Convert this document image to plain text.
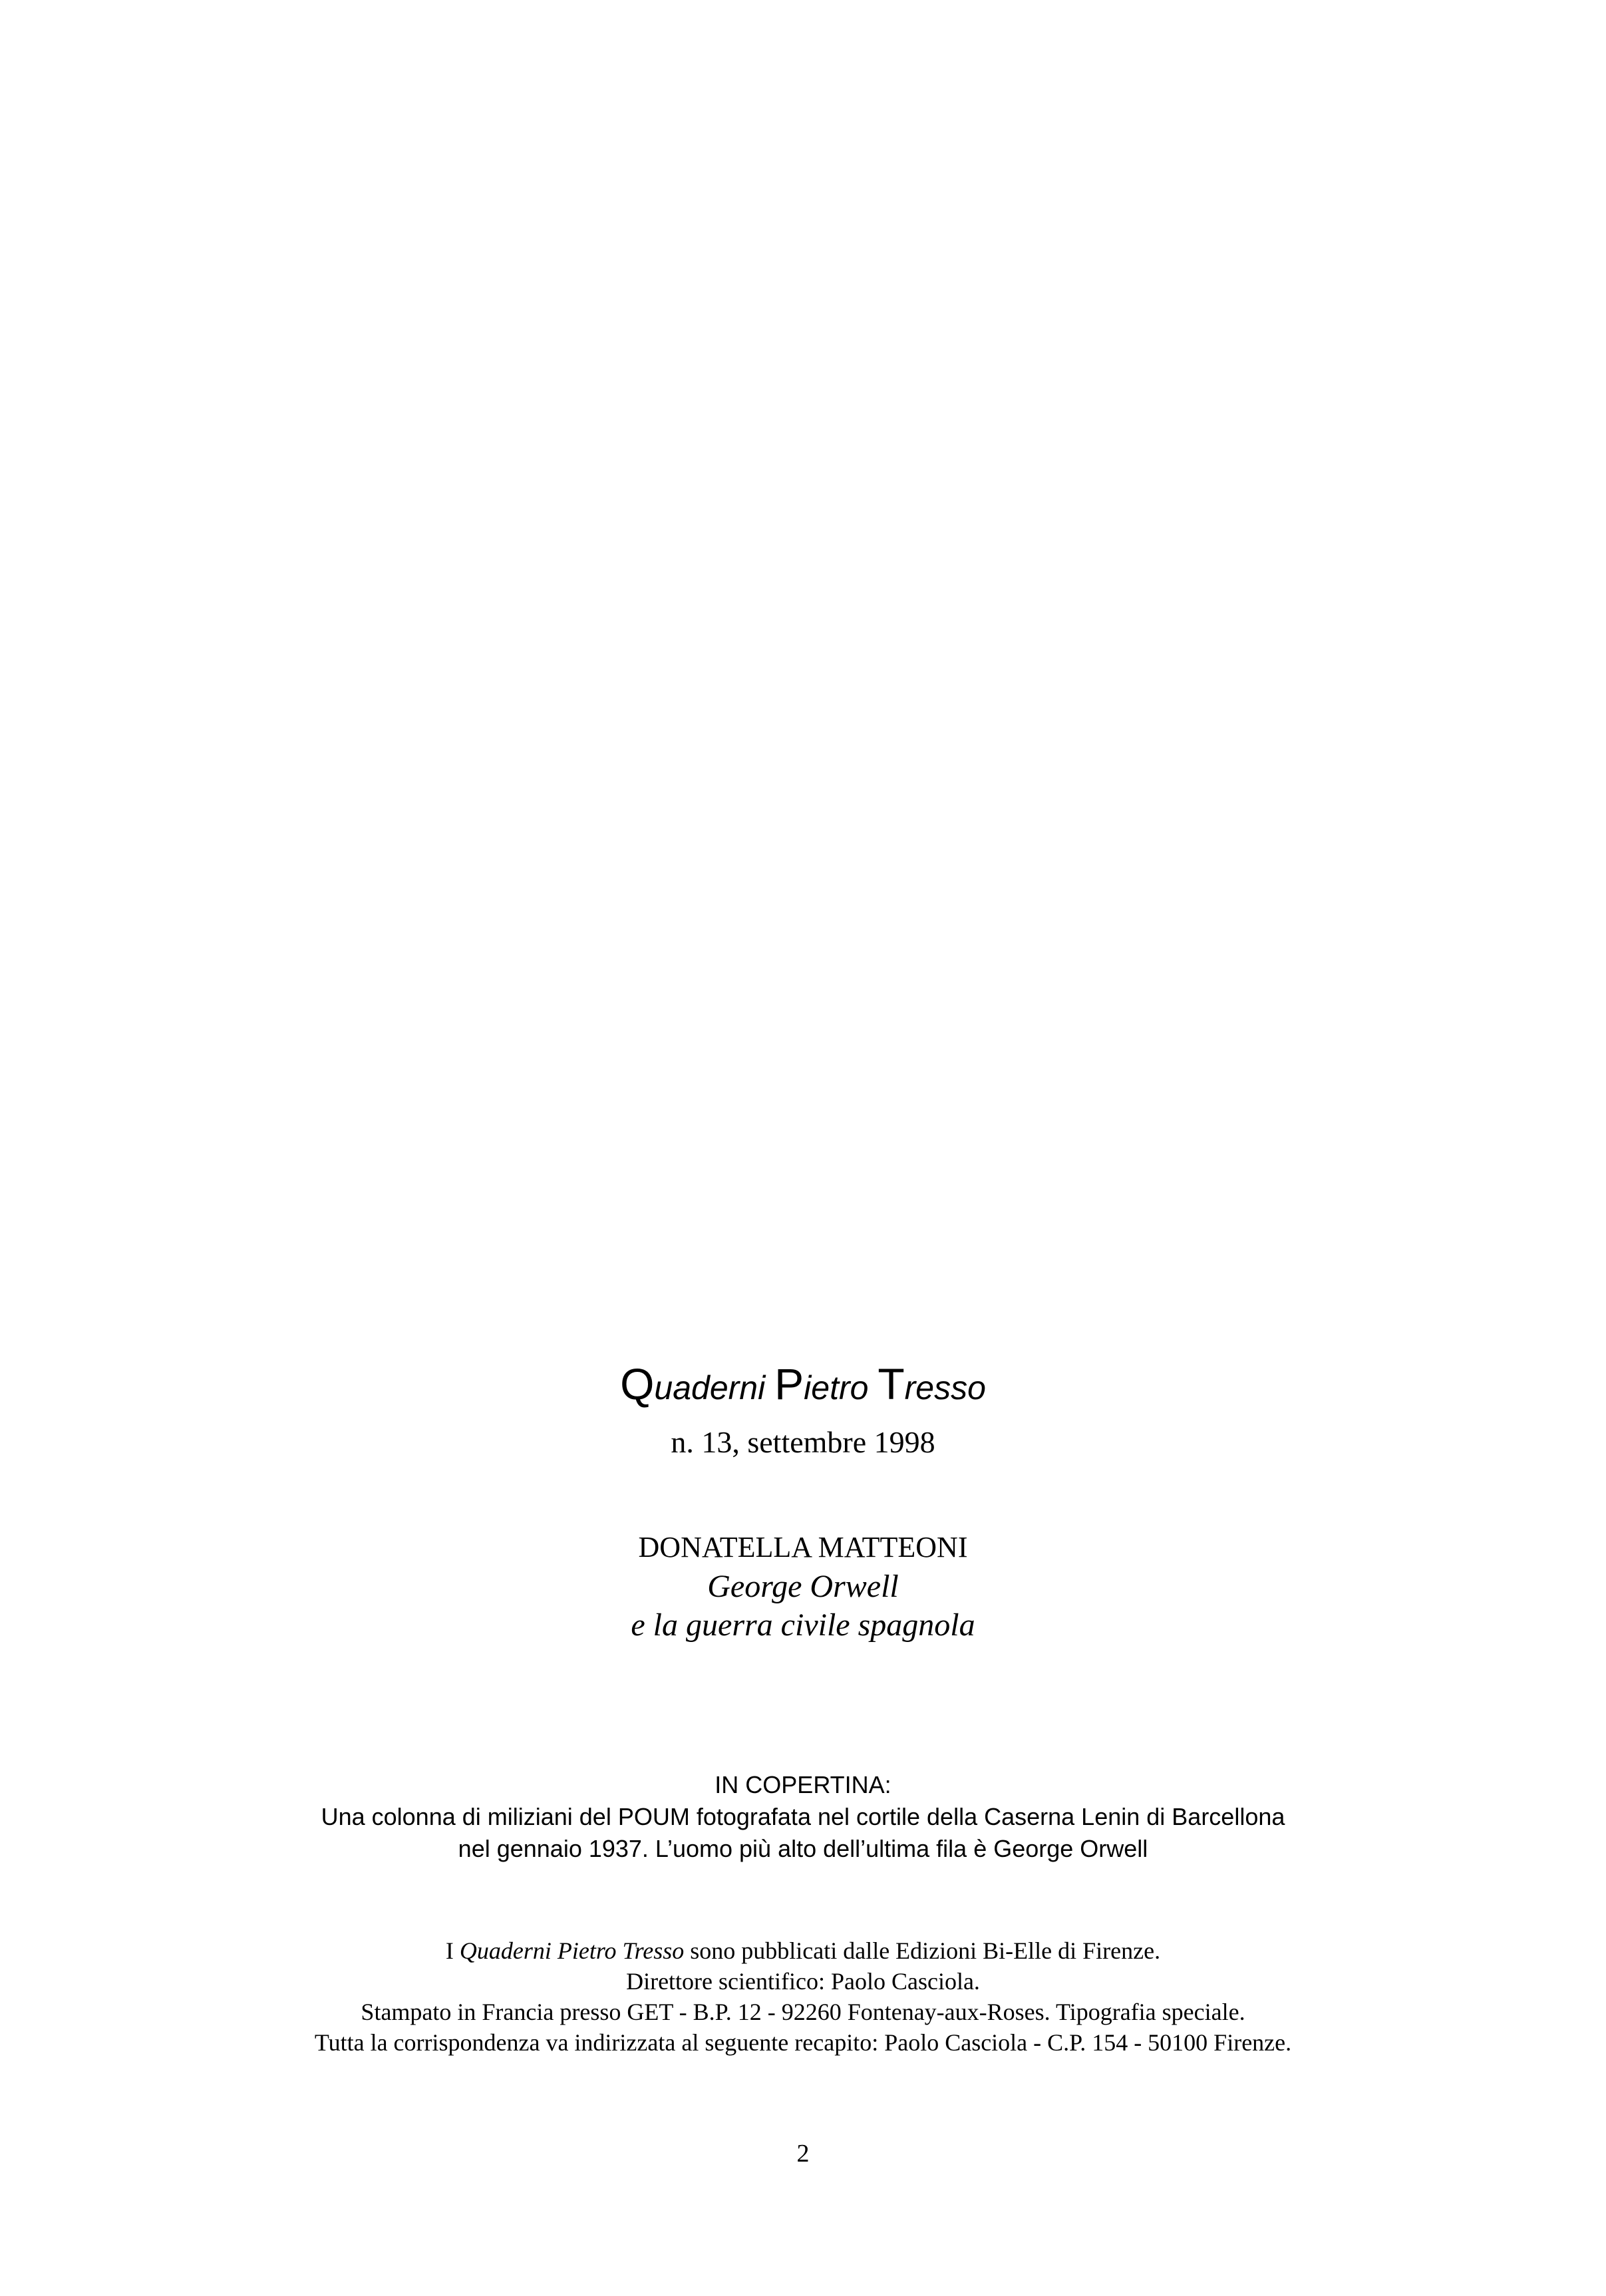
Quaderni Pietro Tresso
n. 13, settembre 1998
DONATELLA MATTEONI
George Orwell
e la guerra civile spagnola
IN COPERTINA:
Una colonna di miliziani del POUM fotografata nel cortile della Caserna Lenin di Barcellona
nel gennaio 1937. L’uomo più alto dell’ultima fila è George Orwell
I Quaderni Pietro Tresso sono pubblicati dalle Edizioni Bi-Elle di Firenze.
Direttore scientifico: Paolo Casciola.
Stampato in Francia presso GET - B.P. 12 - 92260 Fontenay-aux-Roses. Tipografia speciale.
Tutta la corrispondenza va indirizzata al seguente recapito: Paolo Casciola - C.P. 154 - 50100 Firenze.
2
